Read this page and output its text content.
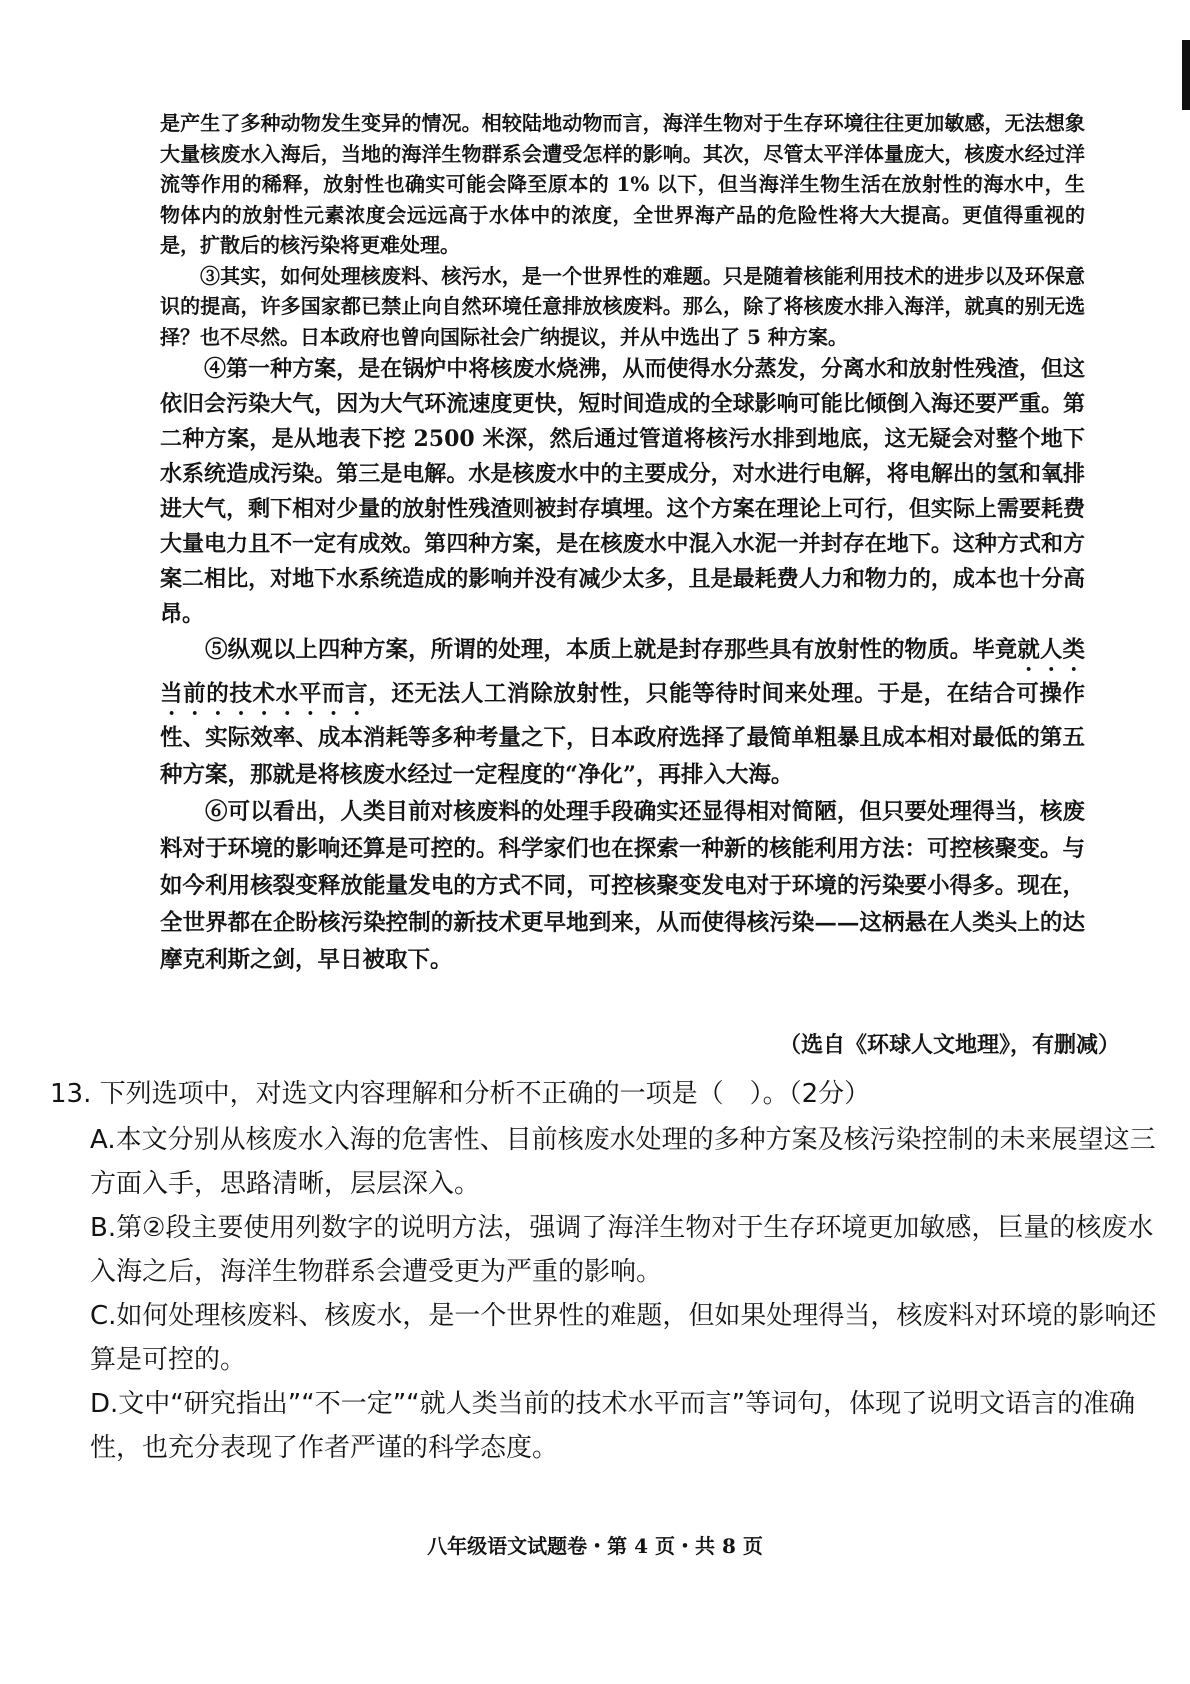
是产生了多种动物发生变异的情况。相较陆地动物而言，海洋生物对于生存环境往往更加敏感，无法想象大量核废水入海后，当地的海洋生物群系会遭受怎样的影响。其次，尽管太平洋体量庞大，核废水经过洋流等作用的稀释，放射性也确实可能会降至原本的 1% 以下，但当海洋生物生活在放射性的海水中，生物体内的放射性元素浓度会远远高于水体中的浓度，全世界海产品的危险性将大大提高。更值得重视的是，扩散后的核污染将更难处理。

③其实，如何处理核废料、核污水，是一个世界性的难题。只是随着核能利用技术的进步以及环保意识的提高，许多国家都已禁止向自然环境任意排放核废料。那么，除了将核废水排入海洋，就真的别无选择？也不尽然。日本政府也曾向国际社会广纳提议，并从中选出了 5 种方案。

④第一种方案，是在锅炉中将核废水烧沸，从而使得水分蒸发，分离水和放射性残渣，但这依旧会污染大气，因为大气环流速度更快，短时间造成的全球影响可能比倾倒入海还要严重。第二种方案，是从地表下挖 2500 米深，然后通过管道将核污水排到地底，这无疑会对整个地下水系统造成污染。第三是电解。水是核废水中的主要成分，对水进行电解，将电解出的氢和氧排进大气，剩下相对少量的放射性残渣则被封存填埋。这个方案在理论上可行，但实际上需要耗费大量电力且不一定有成效。第四种方案，是在核废水中混入水泥一并封存在地下。这种方式和方案二相比，对地下水系统造成的影响并没有减少太多，且是最耗费人力和物力的，成本也十分高昂。

⑤纵观以上四种方案，所谓的处理，本质上就是封存那些具有放射性的物质。毕竟就人类当前的技术水平而言，还无法人工消除放射性，只能等待时间来处理。于是，在结合可操作性、实际效率、成本消耗等多种考量之下，日本政府选择了最简单粗暴且成本相对最低的第五种方案，那就是将核废水经过一定程度的“净化”，再排入大海。

⑥可以看出，人类目前对核废料的处理手段确实还显得相对简陋，但只要处理得当，核废料对于环境的影响还算是可控的。科学家们也在探索一种新的核能利用方法：可控核聚变。与如今利用核裂变释放能量发电的方式不同，可控核聚变发电对于环境的污染要小得多。现在，全世界都在企盼核污染控制的新技术更早地到来，从而使得核污染——这柄悬在人类头上的达摩克利斯之剑，早日被取下。

（选自《环球人文地理》，有删减）

13. 下列选项中，对选文内容理解和分析不正确的一项是（　）。（2分）

A.本文分别从核废水入海的危害性、目前核废水处理的多种方案及核污染控制的未来展望这三方面入手，思路清晰，层层深入。
B.第②段主要使用列数字的说明方法，强调了海洋生物对于生存环境更加敏感，巨量的核废水入海之后，海洋生物群系会遭受更为严重的影响。
C.如何处理核废料、核废水，是一个世界性的难题，但如果处理得当，核废料对环境的影响还算是可控的。
D.文中“研究指出”“不一定”“就人类当前的技术水平而言”等词句，体现了说明文语言的准确性，也充分表现了作者严谨的科学态度。
八年级语文试题卷・第 4 页・共 8 页
